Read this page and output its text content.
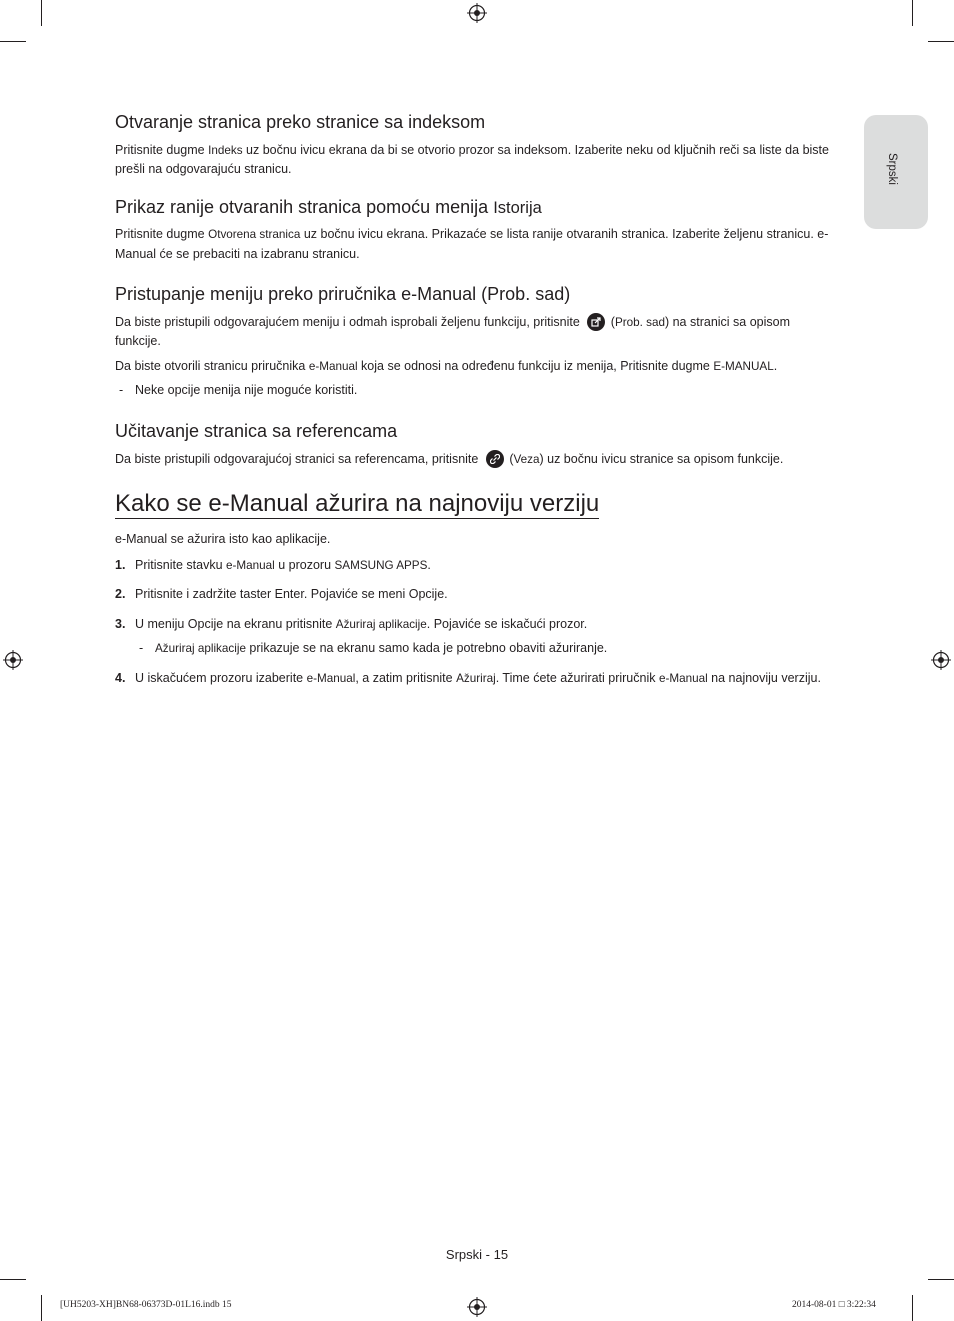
Srpski
Otvaranje stranica preko stranice sa indeksom

Pritisnite dugme Indeks uz bočnu ivicu ekrana da bi se otvorio prozor sa indeksom. Izaberite neku od ključnih reči sa liste da biste prešli na odgovarajuću stranicu.

Prikaz ranije otvaranih stranica pomoću menija Istorija

Pritisnite dugme Otvorena stranica uz bočnu ivicu ekrana. Prikazaće se lista ranije otvaranih stranica. Izaberite željenu stranicu. e-Manual će se prebaciti na izabranu stranicu.

Pristupanje meniju preko priručnika e-Manual (Prob. sad)

Da biste pristupili odgovarajućem meniju i odmah isprobali željenu funkciju, pritisnite
(Prob. sad) na stranici sa opisom funkcije.

Da biste otvorili stranicu priručnika e-Manual koja se odnosi na određenu funkciju iz menija, Pritisnite dugme E-MANUAL.

- Neke opcije menija nije moguće koristiti.
Učitavanje stranica sa referencama

Da biste pristupili odgovarajućoj stranici sa referencama, pritisnite
(Veza) uz bočnu ivicu stranice sa opisom funkcije.

Kako se e-Manual ažurira na najnoviju verziju

e-Manual se ažurira isto kao aplikacije.

1. Pritisnite stavku e-Manual u prozoru SAMSUNG APPS.
2. Pritisnite i zadržite taster Enter. Pojaviće se meni Opcije.
3. U meniju Opcije na ekranu pritisnite Ažuriraj aplikacije. Pojaviće se iskačući prozor.
- Ažuriraj aplikacije prikazuje se na ekranu samo kada je potrebno obaviti ažuriranje.
4. U iskačućem prozoru izaberite e-Manual, a zatim pritisnite Ažuriraj. Time ćete ažurirati priručnik e-Manual na najnoviju verziju.
Srpski - 15
[UH5203-XH]BN68-06373D-01L16.indb 15	2014-08-01 □ 3:22:34
